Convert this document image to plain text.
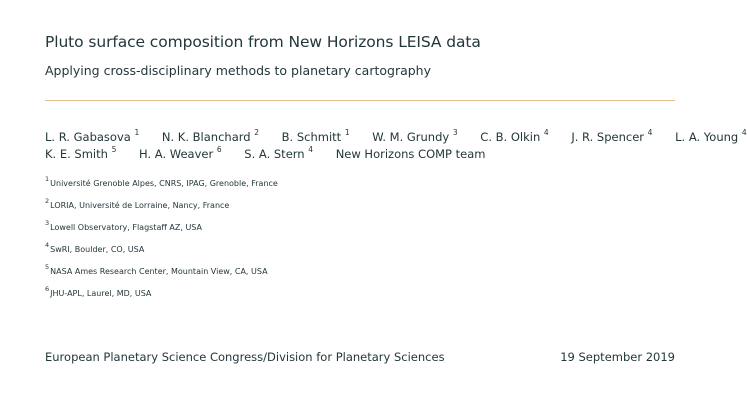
Pluto surface composition from New Horizons LEISA data
Applying cross-disciplinary methods to planetary cartography
L. R. Gabasova $^1$ N. K. Blanchard $^2$ B. Schmitt $^1$ W. M. Grundy $^3$ C. B. Olkin $^4$ J. R. Spencer $^4$ L. A. Young $^4$
K. E. Smith $^5$ H. A. Weaver $^6$ S. A. Stern $^4$ New Horizons COMP team
$^1$Université Grenoble Alpes, CNRS, IPAG, Grenoble, France
$^2$LORIA, Université de Lorraine, Nancy, France
$^3$Lowell Observatory, Flagstaff AZ, USA
$^4$SwRI, Boulder, CO, USA
$^5$NASA Ames Research Center, Mountain View, CA, USA
$^6$JHU-APL, Laurel, MD, USA
European Planetary Science Congress/Division for Planetary Sciences	19 September 2019
